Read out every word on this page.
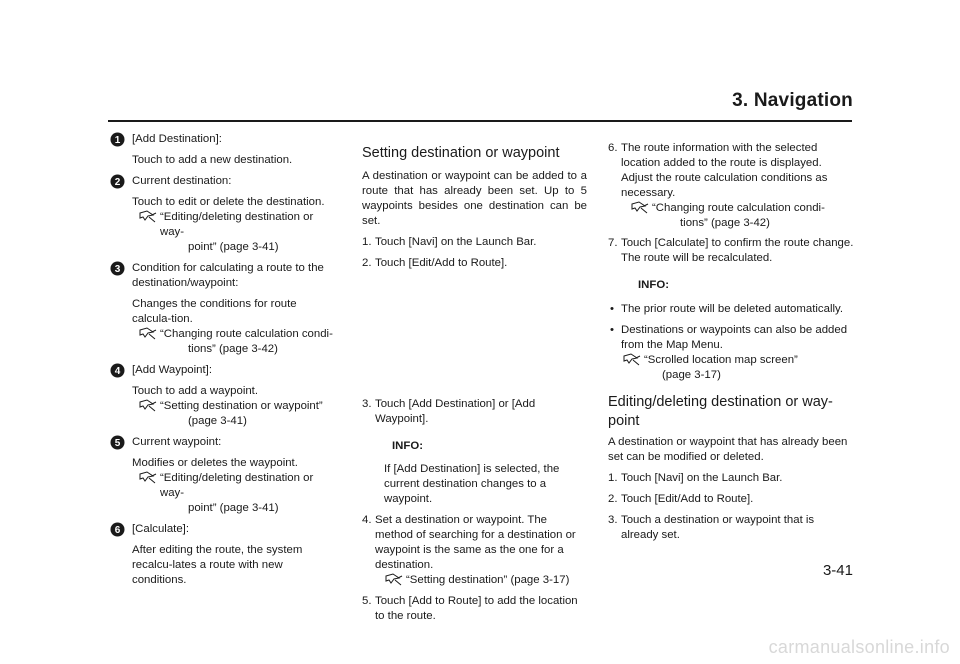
3. Navigation
1 [Add Destination]:
Touch to add a new destination.
2 Current destination:
Touch to edit or delete the destination.
“Editing/deleting destination or way-
point” (page 3-41)
3 Condition for calculating a route to the destination/waypoint:
Changes the conditions for route calcula-tion.
“Changing route calculation condi-
tions” (page 3-42)
4 [Add Waypoint]:
Touch to add a waypoint.
“Setting destination or waypoint”
(page 3-41)
5 Current waypoint:
Modifies or deletes the waypoint.
“Editing/deleting destination or way-
point” (page 3-41)
6 [Calculate]:
After editing the route, the system recalcu-lates a route with new conditions.
Setting destination or waypoint

A destination or waypoint can be added to a route that has already been set. Up to 5 waypoints besides one destination can be set.

1. Touch [Navi] on the Launch Bar.
2. Touch [Edit/Add to Route].
3. Touch [Add Destination] or [Add Waypoint].
INFO:
If [Add Destination] is selected, the current destination changes to a waypoint.
4. Set a destination or waypoint. The method of searching for a destination or waypoint is the same as the one for a destination.
“Setting destination” (page 3-17)
5. Touch [Add to Route] to add the location to the route.
6. The route information with the selected location added to the route is displayed. Adjust the route calculation conditions as necessary.
“Changing route calculation condi-
tions” (page 3-42)
7. Touch [Calculate] to confirm the route change. The route will be recalculated.
INFO:
• The prior route will be deleted automatically.
• Destinations or waypoints can also be added from the Map Menu.
“Scrolled location map screen”
(page 3-17)
Editing/deleting destination or way-point

A destination or waypoint that has already been set can be modified or deleted.

1. Touch [Navi] on the Launch Bar.
2. Touch [Edit/Add to Route].
3. Touch a destination or waypoint that is already set.
3-41
carmanualsonline.info
